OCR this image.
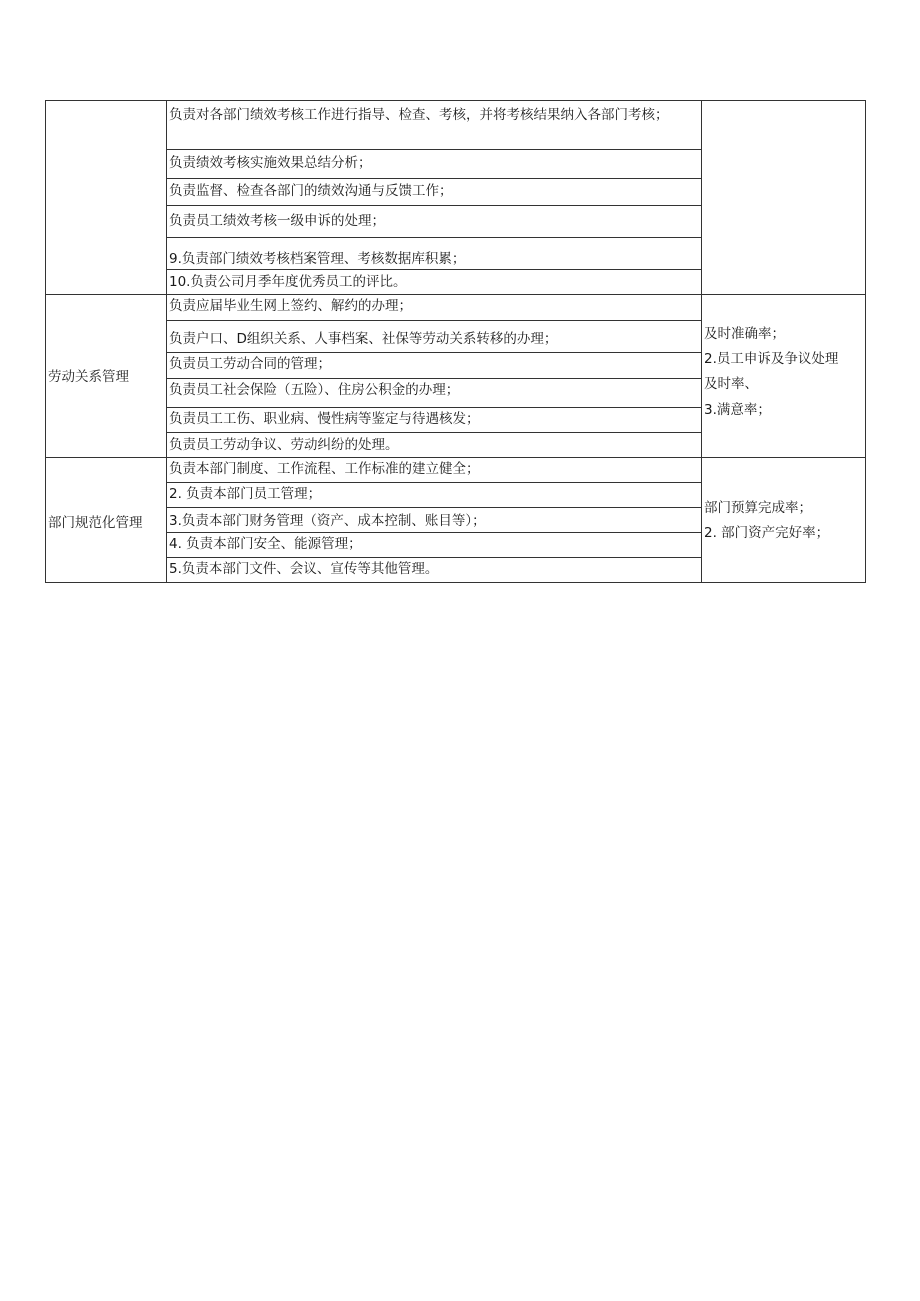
负责对各部门绩效考核工作进行指导、检查、考核，并将考核结果纳入各部门考核；
负责绩效考核实施效果总结分析；
负责监督、检查各部门的绩效沟通与反馈工作；
负责员工绩效考核一级申诉的处理；
9.负责部门绩效考核档案管理、考核数据库积累；
10.负责公司月季年度优秀员工的评比。
劳动关系管理
负责应届毕业生网上签约、解约的办理；
负责户口、D组织关系、人事档案、社保等劳动关系转移的办理；
负责员工劳动合同的管理；
负责员工社会保险（五险）、住房公积金的办理；
负责员工工伤、职业病、慢性病等鉴定与待遇核发；
负责员工劳动争议、劳动纠纷的处理。
及时准确率；
2.员工申诉及争议处理
及时率、
3.满意率；
部门规范化管理
负责本部门制度、工作流程、工作标准的建立健全；
2. 负责本部门员工管理；
3.负责本部门财务管理（资产、成本控制、账目等）；
4. 负责本部门安全、能源管理；
5.负责本部门文件、会议、宣传等其他管理。
部门预算完成率；
2. 部门资产完好率；
